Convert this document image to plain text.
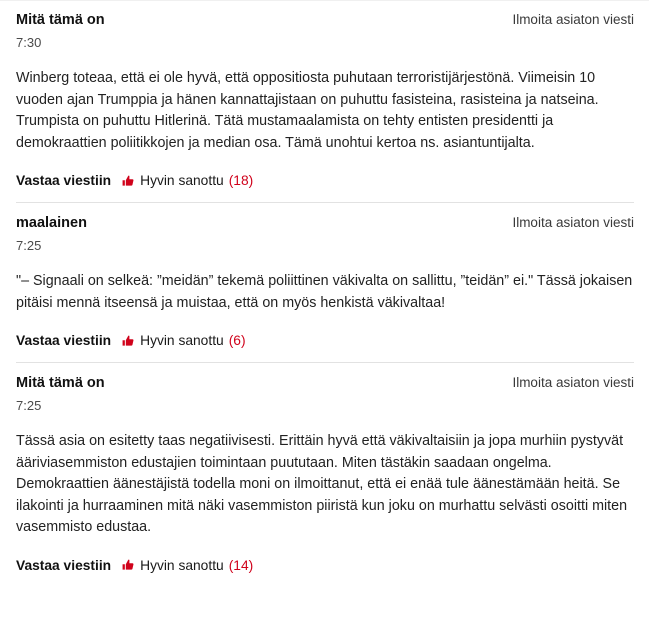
Mitä tämä on	Ilmoita asiaton viesti
7:30

Winberg toteaa, että ei ole hyvä, että oppositiosta puhutaan terroristijärjestönä. Viimeisin 10 vuoden ajan Trumppia ja hänen kannattajistaan on puhuttu fasisteina, rasisteina ja natseina. Trumpista on puhuttu Hitlerinä. Tätä mustamaalamista on tehty entisten presidentti ja demokraattien poliitikkojen ja median osa. Tämä unohtui kertoa ns. asiantuntijalta.

Vastaa viestiin Hyvin sanottu (18)
maalainen	Ilmoita asiaton viesti
7:25

"– Signaali on selkeä: ”meidän” tekemä poliittinen väkivalta on sallittu, ”teidän” ei." Tässä jokaisen pitäisi mennä itseensä ja muistaa, että on myös henkistä väkivaltaa!

Vastaa viestiin Hyvin sanottu (6)
Mitä tämä on	Ilmoita asiaton viesti
7:25

Tässä asia on esitetty taas negatiivisesti. Erittäin hyvä että väkivaltaisiin ja jopa murhiin pystyvät ääriviasemmiston edustajien toimintaan puututaan. Miten tästäkin saadaan ongelma. Demokraattien äänestäjistä todella moni on ilmoittanut, että ei enää tule äänestämään heitä. Se ilakointi ja hurraaminen mitä näki vasemmiston piiristä kun joku on murhattu selvästi osoitti miten vasemmisto edustaa.

Vastaa viestiin Hyvin sanottu (14)
